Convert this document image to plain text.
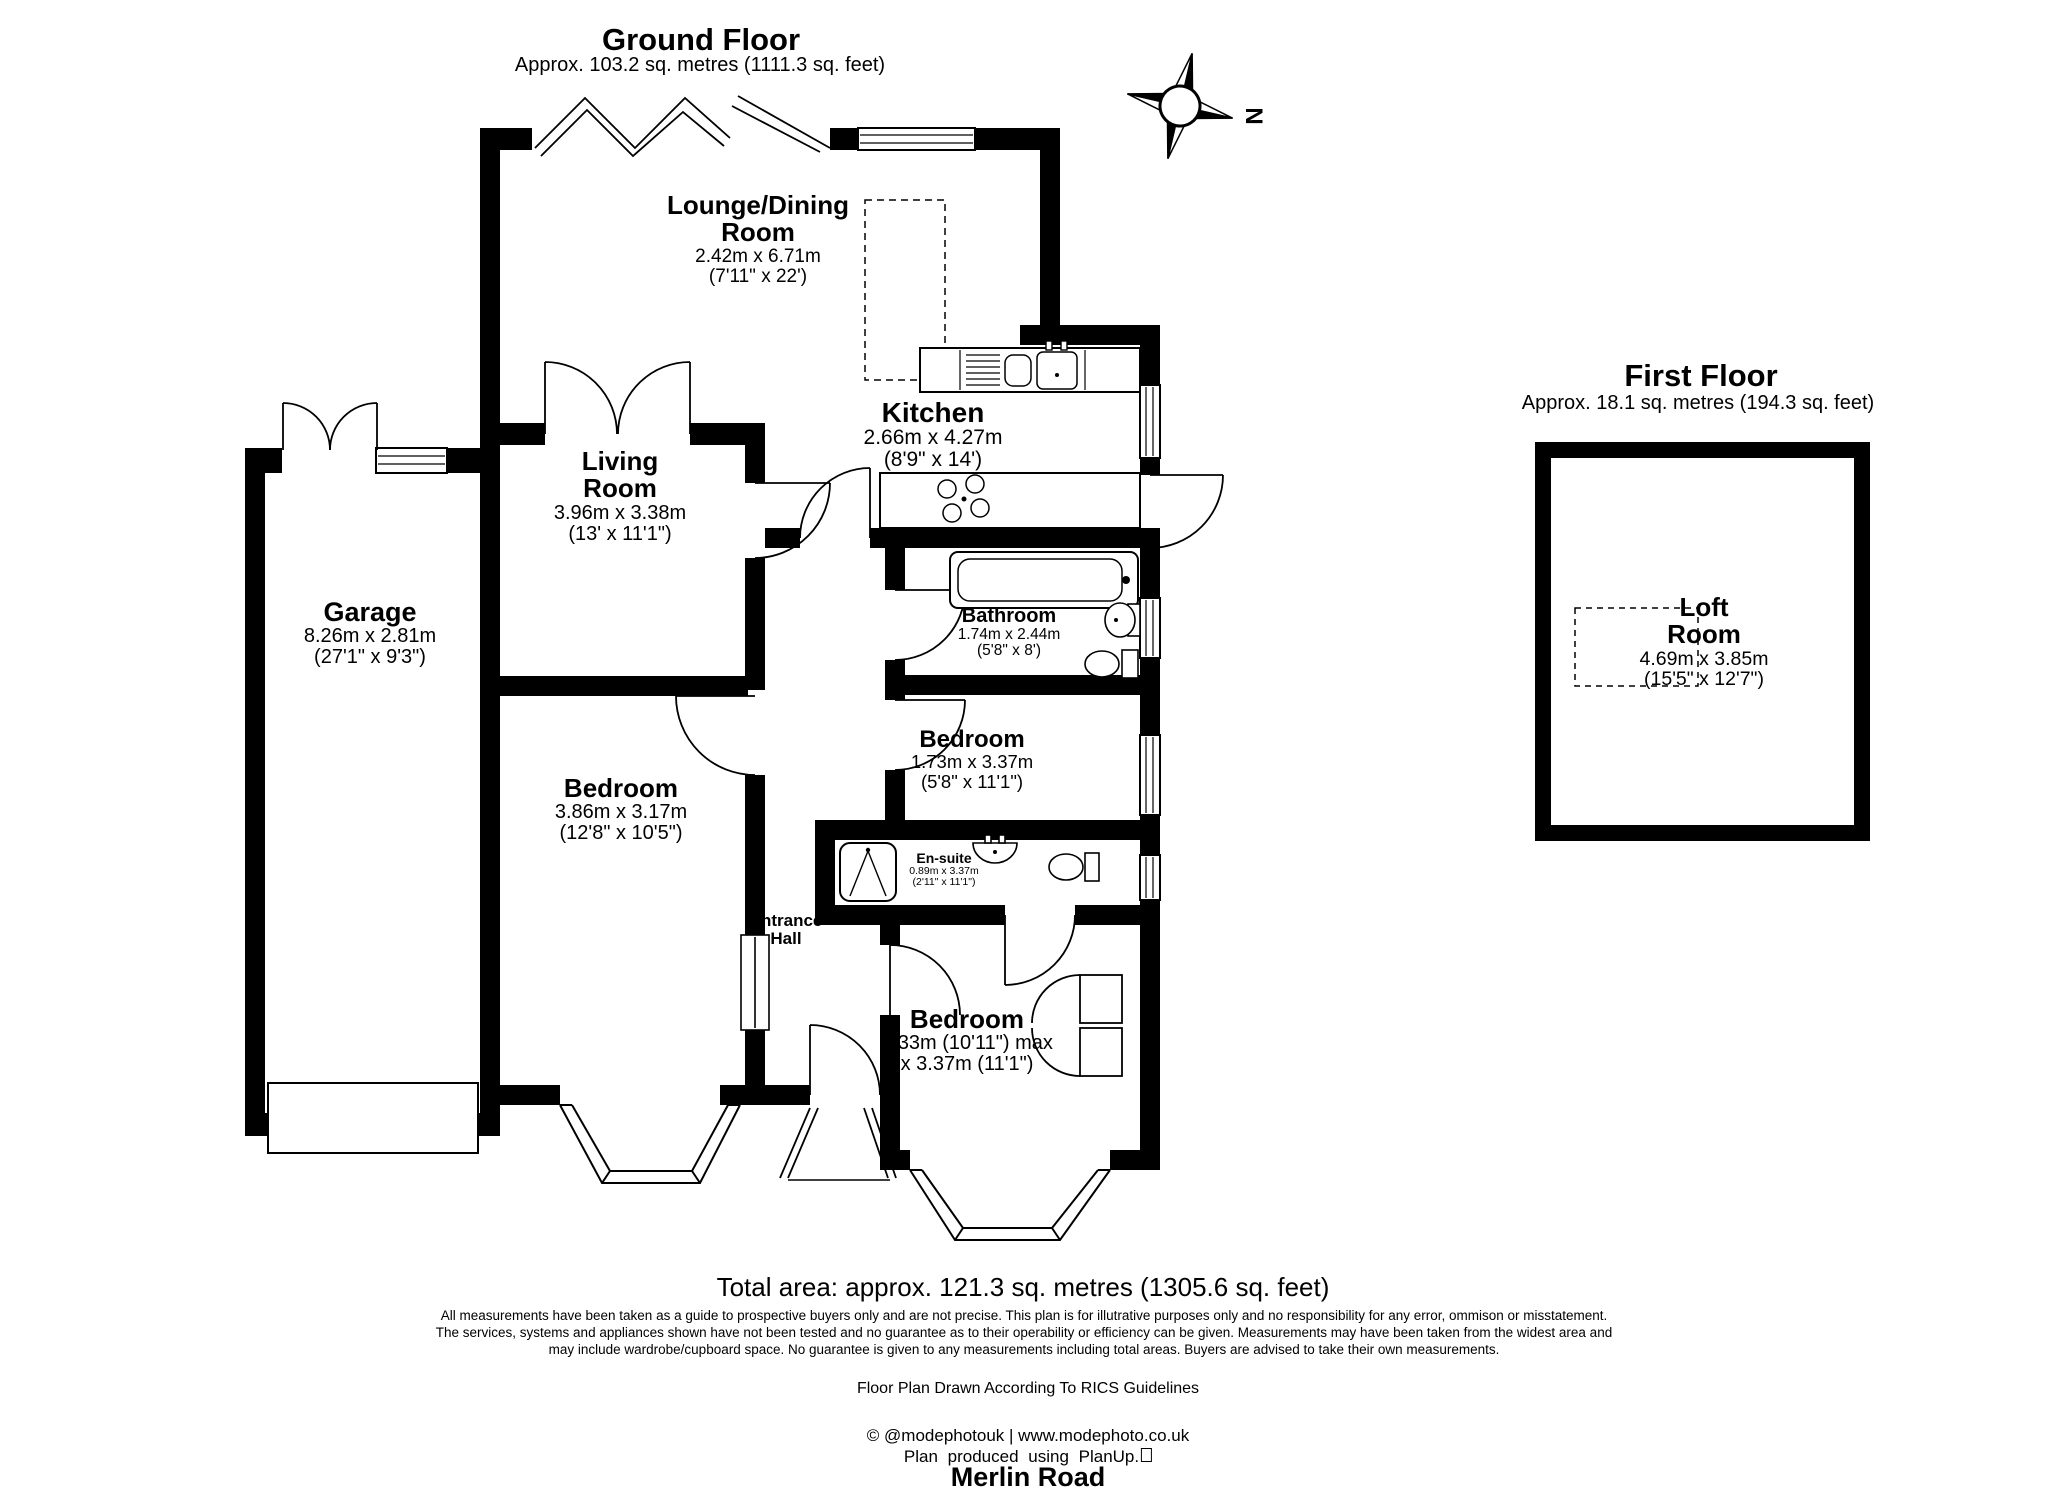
N
Ground Floor
Approx. 103.2 sq. metres (1111.3 sq. feet)
First Floor
Approx. 18.1 sq. metres (194.3 sq. feet)
Lounge/Dining
Room
2.42m x 6.71m
(7'11" x 22')
Kitchen
2.66m x 4.27m
(8'9" x 14')
Living
Room
3.96m x 3.38m
(13' x 11'1")
Garage
8.26m x 2.81m
(27'1" x 9'3")
Bathroom
1.74m x 2.44m
(5'8" x 8')
Bedroom
3.86m x 3.17m
(12'8" x 10'5")
Bedroom
1.73m x 3.37m
(5'8" x 11'1")
En-suite
0.89m x 3.37m
(2'11" x 11'1")
Entrance
Hall
Bedroom
3.33m (10'11") max
x 3.37m (11'1")
Loft
Room
4.69m x 3.85m
(15'5" x 12'7")
Total area: approx. 121.3 sq. metres (1305.6 sq. feet)
All measurements have been taken as a guide to prospective buyers only and are not precise. This plan is for illutrative purposes only and no responsibility for any error, ommison or misstatement.
The services, systems and appliances shown have not been tested and no guarantee as to their operability or efficiency can be given. Measurements may have been taken from the widest area and
may include wardrobe/cupboard space. No guarantee is given to any measurements including total areas. Buyers are advised to take their own measurements.
Floor Plan Drawn According To RICS Guidelines
© @modephotouk | www.modephoto.co.uk
Plan produced using PlanUp.
Merlin Road
